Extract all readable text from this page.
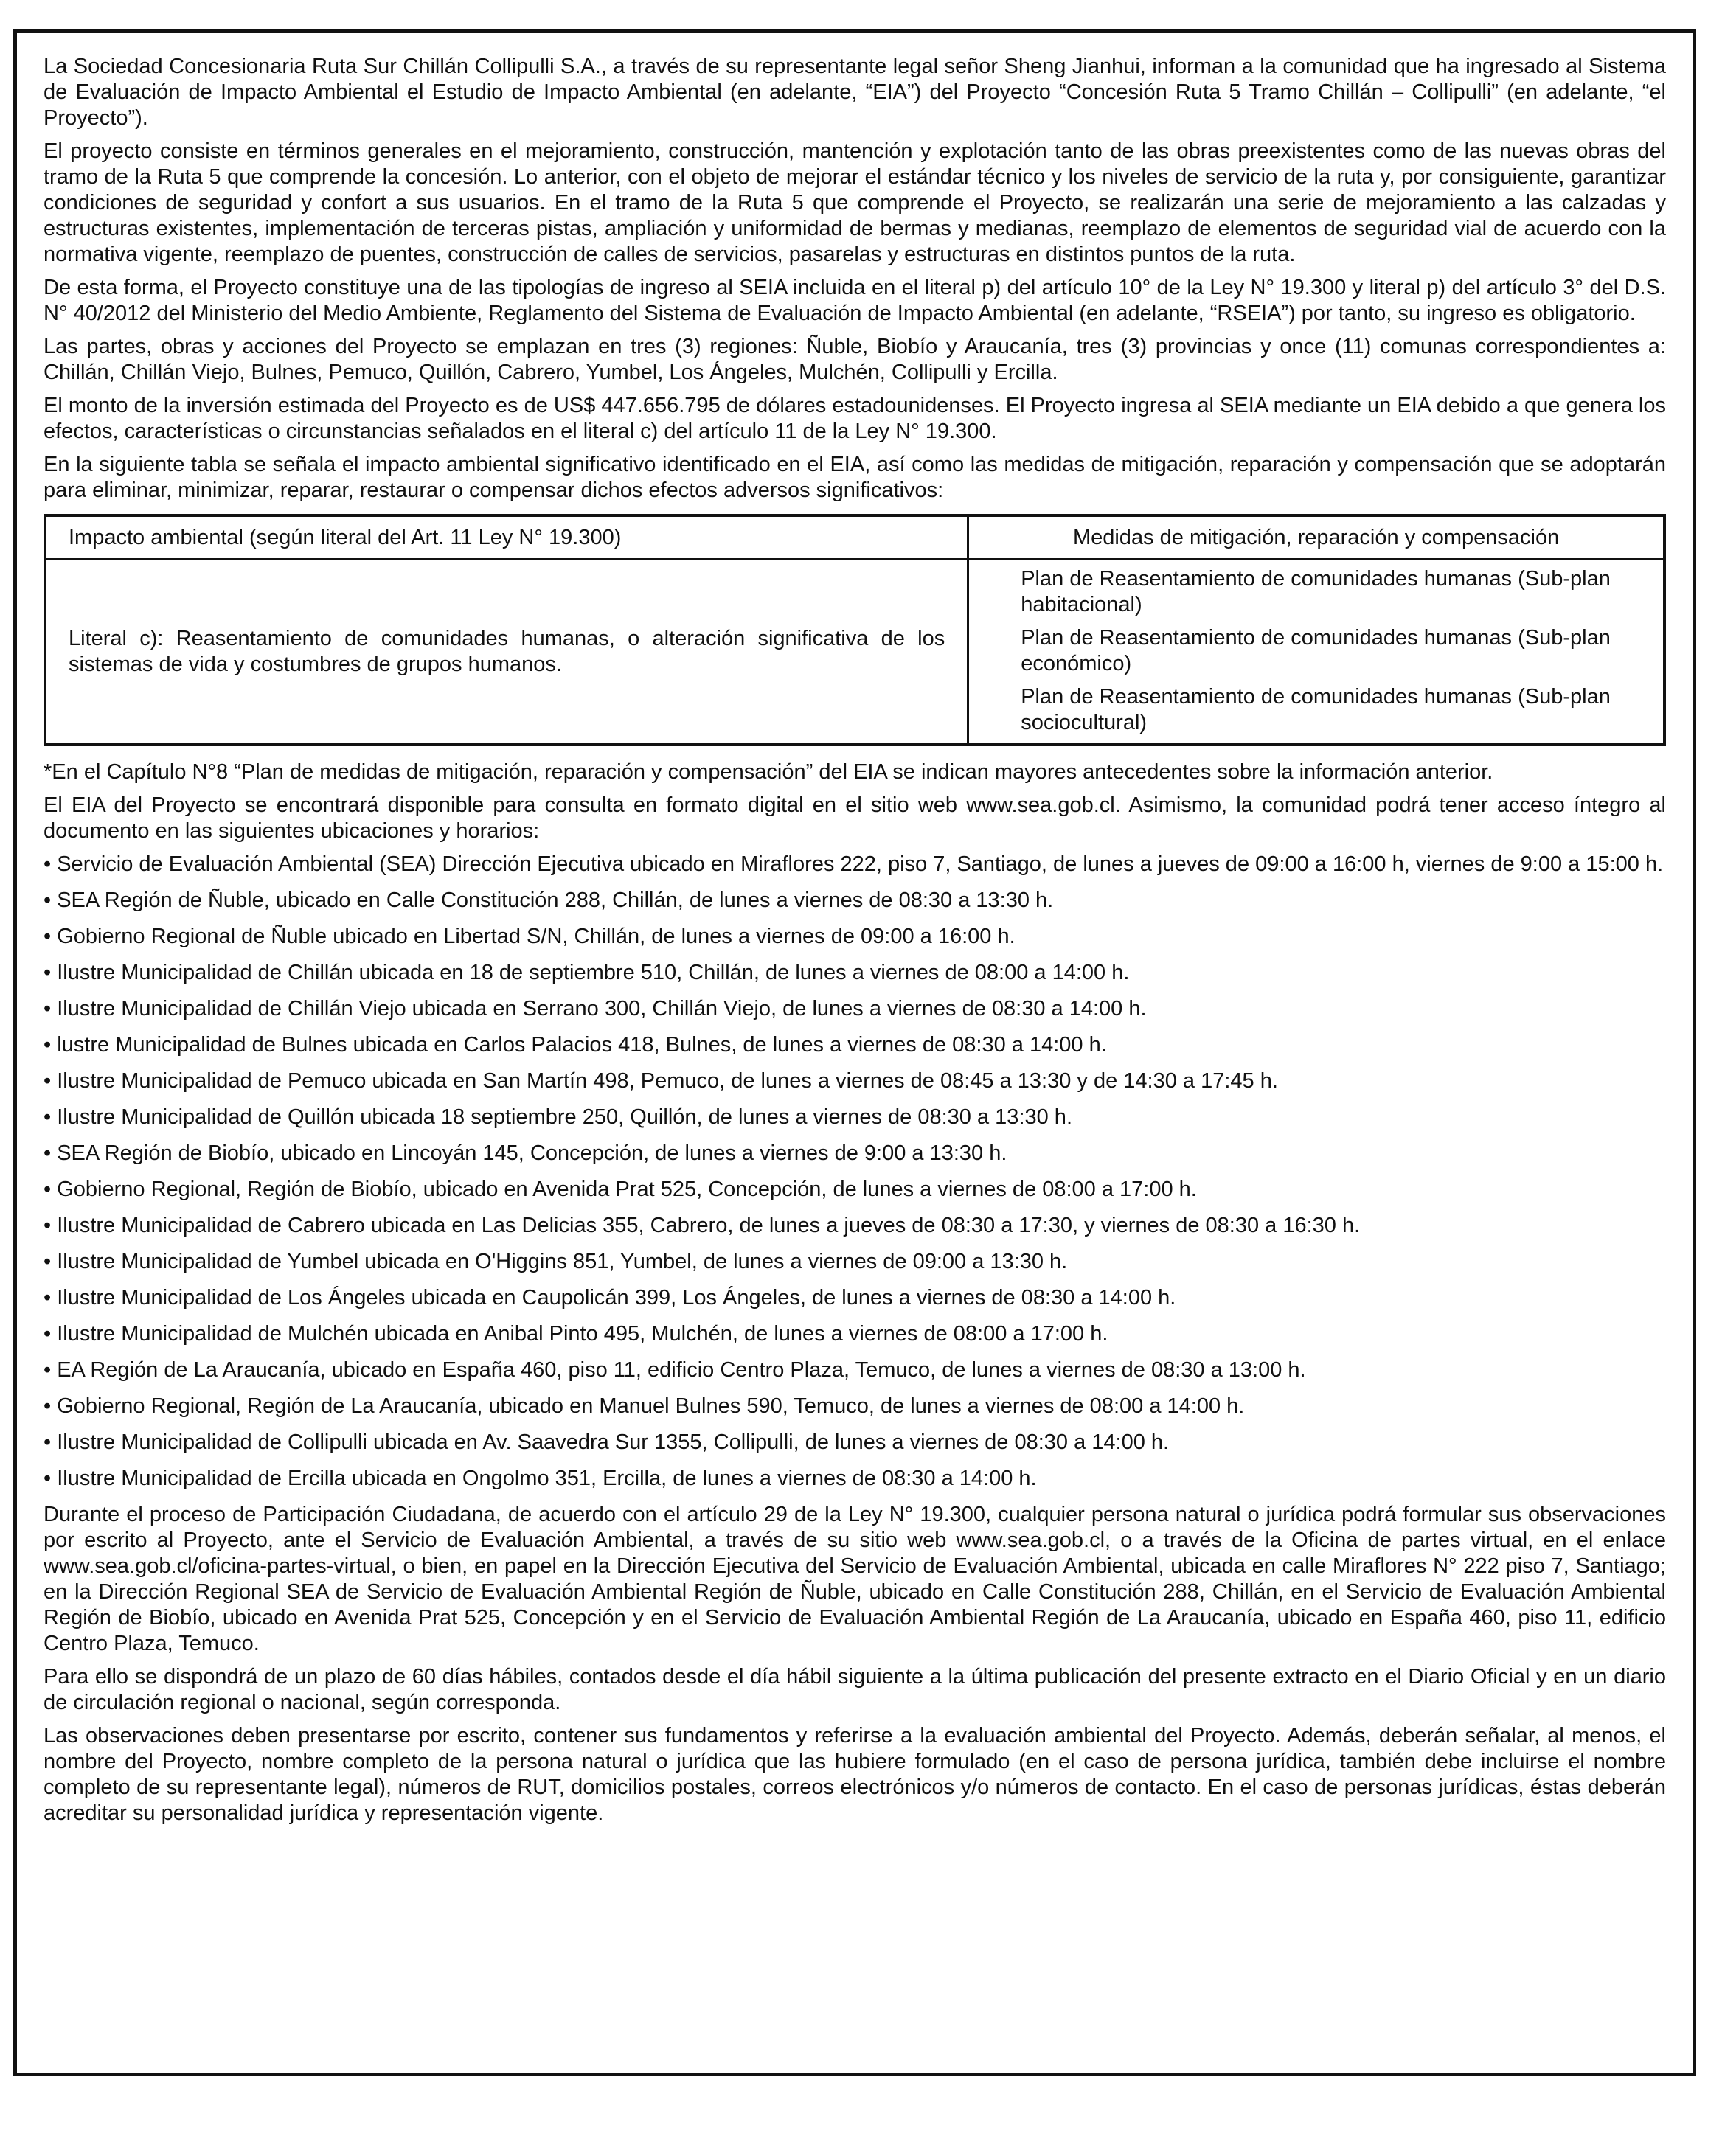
La Sociedad Concesionaria Ruta Sur Chillán Collipulli S.A., a través de su representante legal señor Sheng Jianhui, informan a la comunidad que ha ingresado al Sistema de Evaluación de Impacto Ambiental el Estudio de Impacto Ambiental (en adelante, “EIA”) del Proyecto “Concesión Ruta 5 Tramo Chillán – Collipulli” (en adelante, “el Proyecto”).

El proyecto consiste en términos generales en el mejoramiento, construcción, mantención y explotación tanto de las obras preexistentes como de las nuevas obras del tramo de la Ruta 5 que comprende la concesión. Lo anterior, con el objeto de mejorar el estándar técnico y los niveles de servicio de la ruta y, por consiguiente, garantizar condiciones de seguridad y confort a sus usuarios. En el tramo de la Ruta 5 que comprende el Proyecto, se realizarán una serie de mejoramiento a las calzadas y estructuras existentes, implementación de terceras pistas, ampliación y uniformidad de bermas y medianas, reemplazo de elementos de seguridad vial de acuerdo con la normativa vigente, reemplazo de puentes, construcción de calles de servicios, pasarelas y estructuras en distintos puntos de la ruta.

De esta forma, el Proyecto constituye una de las tipologías de ingreso al SEIA incluida en el literal p) del artículo 10° de la Ley N° 19.300 y literal p) del artículo 3° del D.S. N° 40/2012 del Ministerio del Medio Ambiente, Reglamento del Sistema de Evaluación de Impacto Ambiental (en adelante, “RSEIA”) por tanto, su ingreso es obligatorio.

Las partes, obras y acciones del Proyecto se emplazan en tres (3) regiones: Ñuble, Biobío y Araucanía, tres (3) provincias y once (11) comunas correspondientes a: Chillán, Chillán Viejo, Bulnes, Pemuco, Quillón, Cabrero, Yumbel, Los Ángeles, Mulchén, Collipulli y Ercilla.

El monto de la inversión estimada del Proyecto es de US$ 447.656.795 de dólares estadounidenses. El Proyecto ingresa al SEIA mediante un EIA debido a que genera los efectos, características o circunstancias señalados en el literal c) del artículo 11 de la Ley N° 19.300.

En la siguiente tabla se señala el impacto ambiental significativo identificado en el EIA, así como las medidas de mitigación, reparación y compensación que se adoptarán para eliminar, minimizar, reparar, restaurar o compensar dichos efectos adversos significativos:

Impacto ambiental (según literal del Art. 11 Ley N° 19.300)	Medidas de mitigación, reparación y compensación
Literal c): Reasentamiento de comunidades humanas, o alteración significativa de los sistemas de vida y costumbres de grupos humanos.	Plan de Reasentamiento de comunidades humanas (Sub-plan habitacional)
Plan de Reasentamiento de comunidades humanas (Sub-plan económico)
Plan de Reasentamiento de comunidades humanas (Sub-plan sociocultural)

*En el Capítulo N°8 “Plan de medidas de mitigación, reparación y compensación” del EIA se indican mayores antecedentes sobre la información anterior.

El EIA del Proyecto se encontrará disponible para consulta en formato digital en el sitio web www.sea.gob.cl. Asimismo, la comunidad podrá tener acceso íntegro al documento en las siguientes ubicaciones y horarios:

• Servicio de Evaluación Ambiental (SEA) Dirección Ejecutiva ubicado en Miraflores 222, piso 7, Santiago, de lunes a jueves de 09:00 a 16:00 h, viernes de 9:00 a 15:00 h.
• SEA Región de Ñuble, ubicado en Calle Constitución 288, Chillán, de lunes a viernes de 08:30 a 13:30 h.
• Gobierno Regional de Ñuble ubicado en Libertad S/N, Chillán, de lunes a viernes de 09:00 a 16:00 h.
• Ilustre Municipalidad de Chillán ubicada en 18 de septiembre 510, Chillán, de lunes a viernes de 08:00 a 14:00 h.
• Ilustre Municipalidad de Chillán Viejo ubicada en Serrano 300, Chillán Viejo, de lunes a viernes de 08:30 a 14:00 h.
• lustre Municipalidad de Bulnes ubicada en Carlos Palacios 418, Bulnes, de lunes a viernes de 08:30 a 14:00 h.
• Ilustre Municipalidad de Pemuco ubicada en San Martín 498, Pemuco, de lunes a viernes de 08:45 a 13:30 y de 14:30 a 17:45 h.
• Ilustre Municipalidad de Quillón ubicada 18 septiembre 250, Quillón, de lunes a viernes de 08:30 a 13:30 h.
• SEA Región de Biobío, ubicado en Lincoyán 145, Concepción, de lunes a viernes de 9:00 a 13:30 h.
• Gobierno Regional, Región de Biobío, ubicado en Avenida Prat 525, Concepción, de lunes a viernes de 08:00 a 17:00 h.
• Ilustre Municipalidad de Cabrero ubicada en Las Delicias 355, Cabrero, de lunes a jueves de 08:30 a 17:30, y viernes de 08:30 a 16:30 h.
• Ilustre Municipalidad de Yumbel ubicada en O'Higgins 851, Yumbel, de lunes a viernes de 09:00 a 13:30 h.
• Ilustre Municipalidad de Los Ángeles ubicada en Caupolicán 399, Los Ángeles, de lunes a viernes de 08:30 a 14:00 h.
• Ilustre Municipalidad de Mulchén ubicada en Anibal Pinto 495, Mulchén, de lunes a viernes de 08:00 a 17:00 h.
• EA Región de La Araucanía, ubicado en España 460, piso 11, edificio Centro Plaza, Temuco, de lunes a viernes de 08:30 a 13:00 h.
• Gobierno Regional, Región de La Araucanía, ubicado en Manuel Bulnes 590, Temuco, de lunes a viernes de 08:00 a 14:00 h.
• Ilustre Municipalidad de Collipulli ubicada en Av. Saavedra Sur 1355, Collipulli, de lunes a viernes de 08:30 a 14:00 h.
• Ilustre Municipalidad de Ercilla ubicada en Ongolmo 351, Ercilla, de lunes a viernes de 08:30 a 14:00 h.

Durante el proceso de Participación Ciudadana, de acuerdo con el artículo 29 de la Ley N° 19.300, cualquier persona natural o jurídica podrá formular sus observaciones por escrito al Proyecto, ante el Servicio de Evaluación Ambiental, a través de su sitio web www.sea.gob.cl, o a través de la Oficina de partes virtual, en el enlace www.sea.gob.cl/oficina-partes-virtual, o bien, en papel en la Dirección Ejecutiva del Servicio de Evaluación Ambiental, ubicada en calle Miraflores N° 222 piso 7, Santiago; en la Dirección Regional SEA de Servicio de Evaluación Ambiental Región de Ñuble, ubicado en Calle Constitución 288, Chillán, en el Servicio de Evaluación Ambiental Región de Biobío, ubicado en Avenida Prat 525, Concepción y en el Servicio de Evaluación Ambiental Región de La Araucanía, ubicado en España 460, piso 11, edificio Centro Plaza, Temuco.

Para ello se dispondrá de un plazo de 60 días hábiles, contados desde el día hábil siguiente a la última publicación del presente extracto en el Diario Oficial y en un diario de circulación regional o nacional, según corresponda.

Las observaciones deben presentarse por escrito, contener sus fundamentos y referirse a la evaluación ambiental del Proyecto. Además, deberán señalar, al menos, el nombre del Proyecto, nombre completo de la persona natural o jurídica que las hubiere formulado (en el caso de persona jurídica, también debe incluirse el nombre completo de su representante legal), números de RUT, domicilios postales, correos electrónicos y/o números de contacto. En el caso de personas jurídicas, éstas deberán acreditar su personalidad jurídica y representación vigente.
